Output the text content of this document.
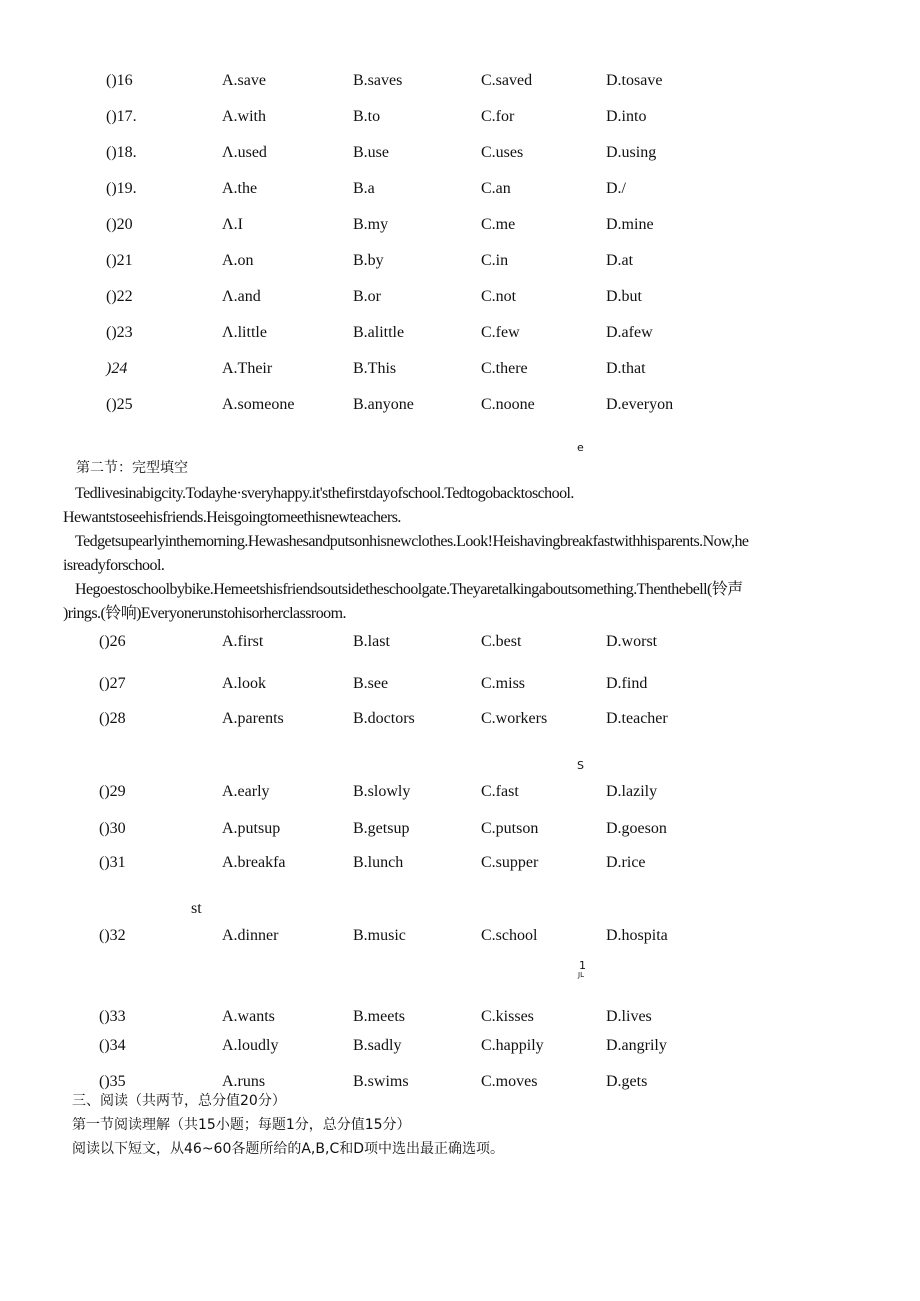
()16	A.save	B.saves	C.saved	D.tosave
()17.	A.with	B.to	C.for	D.into
()18.	Λ.used	B.use	C.uses	D.using
()19.	A.the	B.a	C.an	D./
()20	Λ.I	B.my	C.me	D.mine
()21	A.on	B.by	C.in	D.at
()22	Λ.and	B.or	C.not	D.but
()23	Λ.little	B.alittle	C.few	D.afew
)24	A.Their	B.This	C.there	D.that
()25	A.someone	B.anyone	C.noone	D.everyon
e
第二节：完型填空
Tedlivesinabigcity.Todayhe·sveryhappy.it'sthefirstdayofschool.Tedtogobacktoschool.
Hewantstoseehisfriends.Heisgoingtomeethisnewteachers.
Tedgetsupearlyinthemorning.Hewashesandputsonhisnewclothes.Look!Heishavingbreakfastwithhisparents.Now,he
isreadyforschool.
Hegoestoschoolbybike.Hemeetshisfriendsoutsidetheschoolgate.Theyaretalkingaboutsomething.Thenthebell(铃声
)rings.(铃响)Everyonerunstohisorherclassroom.
()26	A.first	B.last	C.best	D.worst
()27	A.look	B.see	C.miss	D.find
()28	A.parents	B.doctors	C.workers	D.teacher
S
()29	A.early	B.slowly	C.fast	D.lazily
()30	A.putsup	B.getsup	C.putson	D.goeson
()31	A.breakfa	B.lunch	C.supper	D.rice
st
()32	A.dinner	B.music	C.school	D.hospita
1
JL
()33	A.wants	B.meets	C.kisses	D.lives
()34	A.loudly	B.sadly	C.happily	D.angrily
()35	A.runs	B.swims	C.moves	D.gets
三、阅读（共两节，总分值20分）
第一节阅读理解（共15小题；每题1分，总分值15分）
阅读以下短文，从46~60各题所给的A,B,C和D项中选出最正确选项。
